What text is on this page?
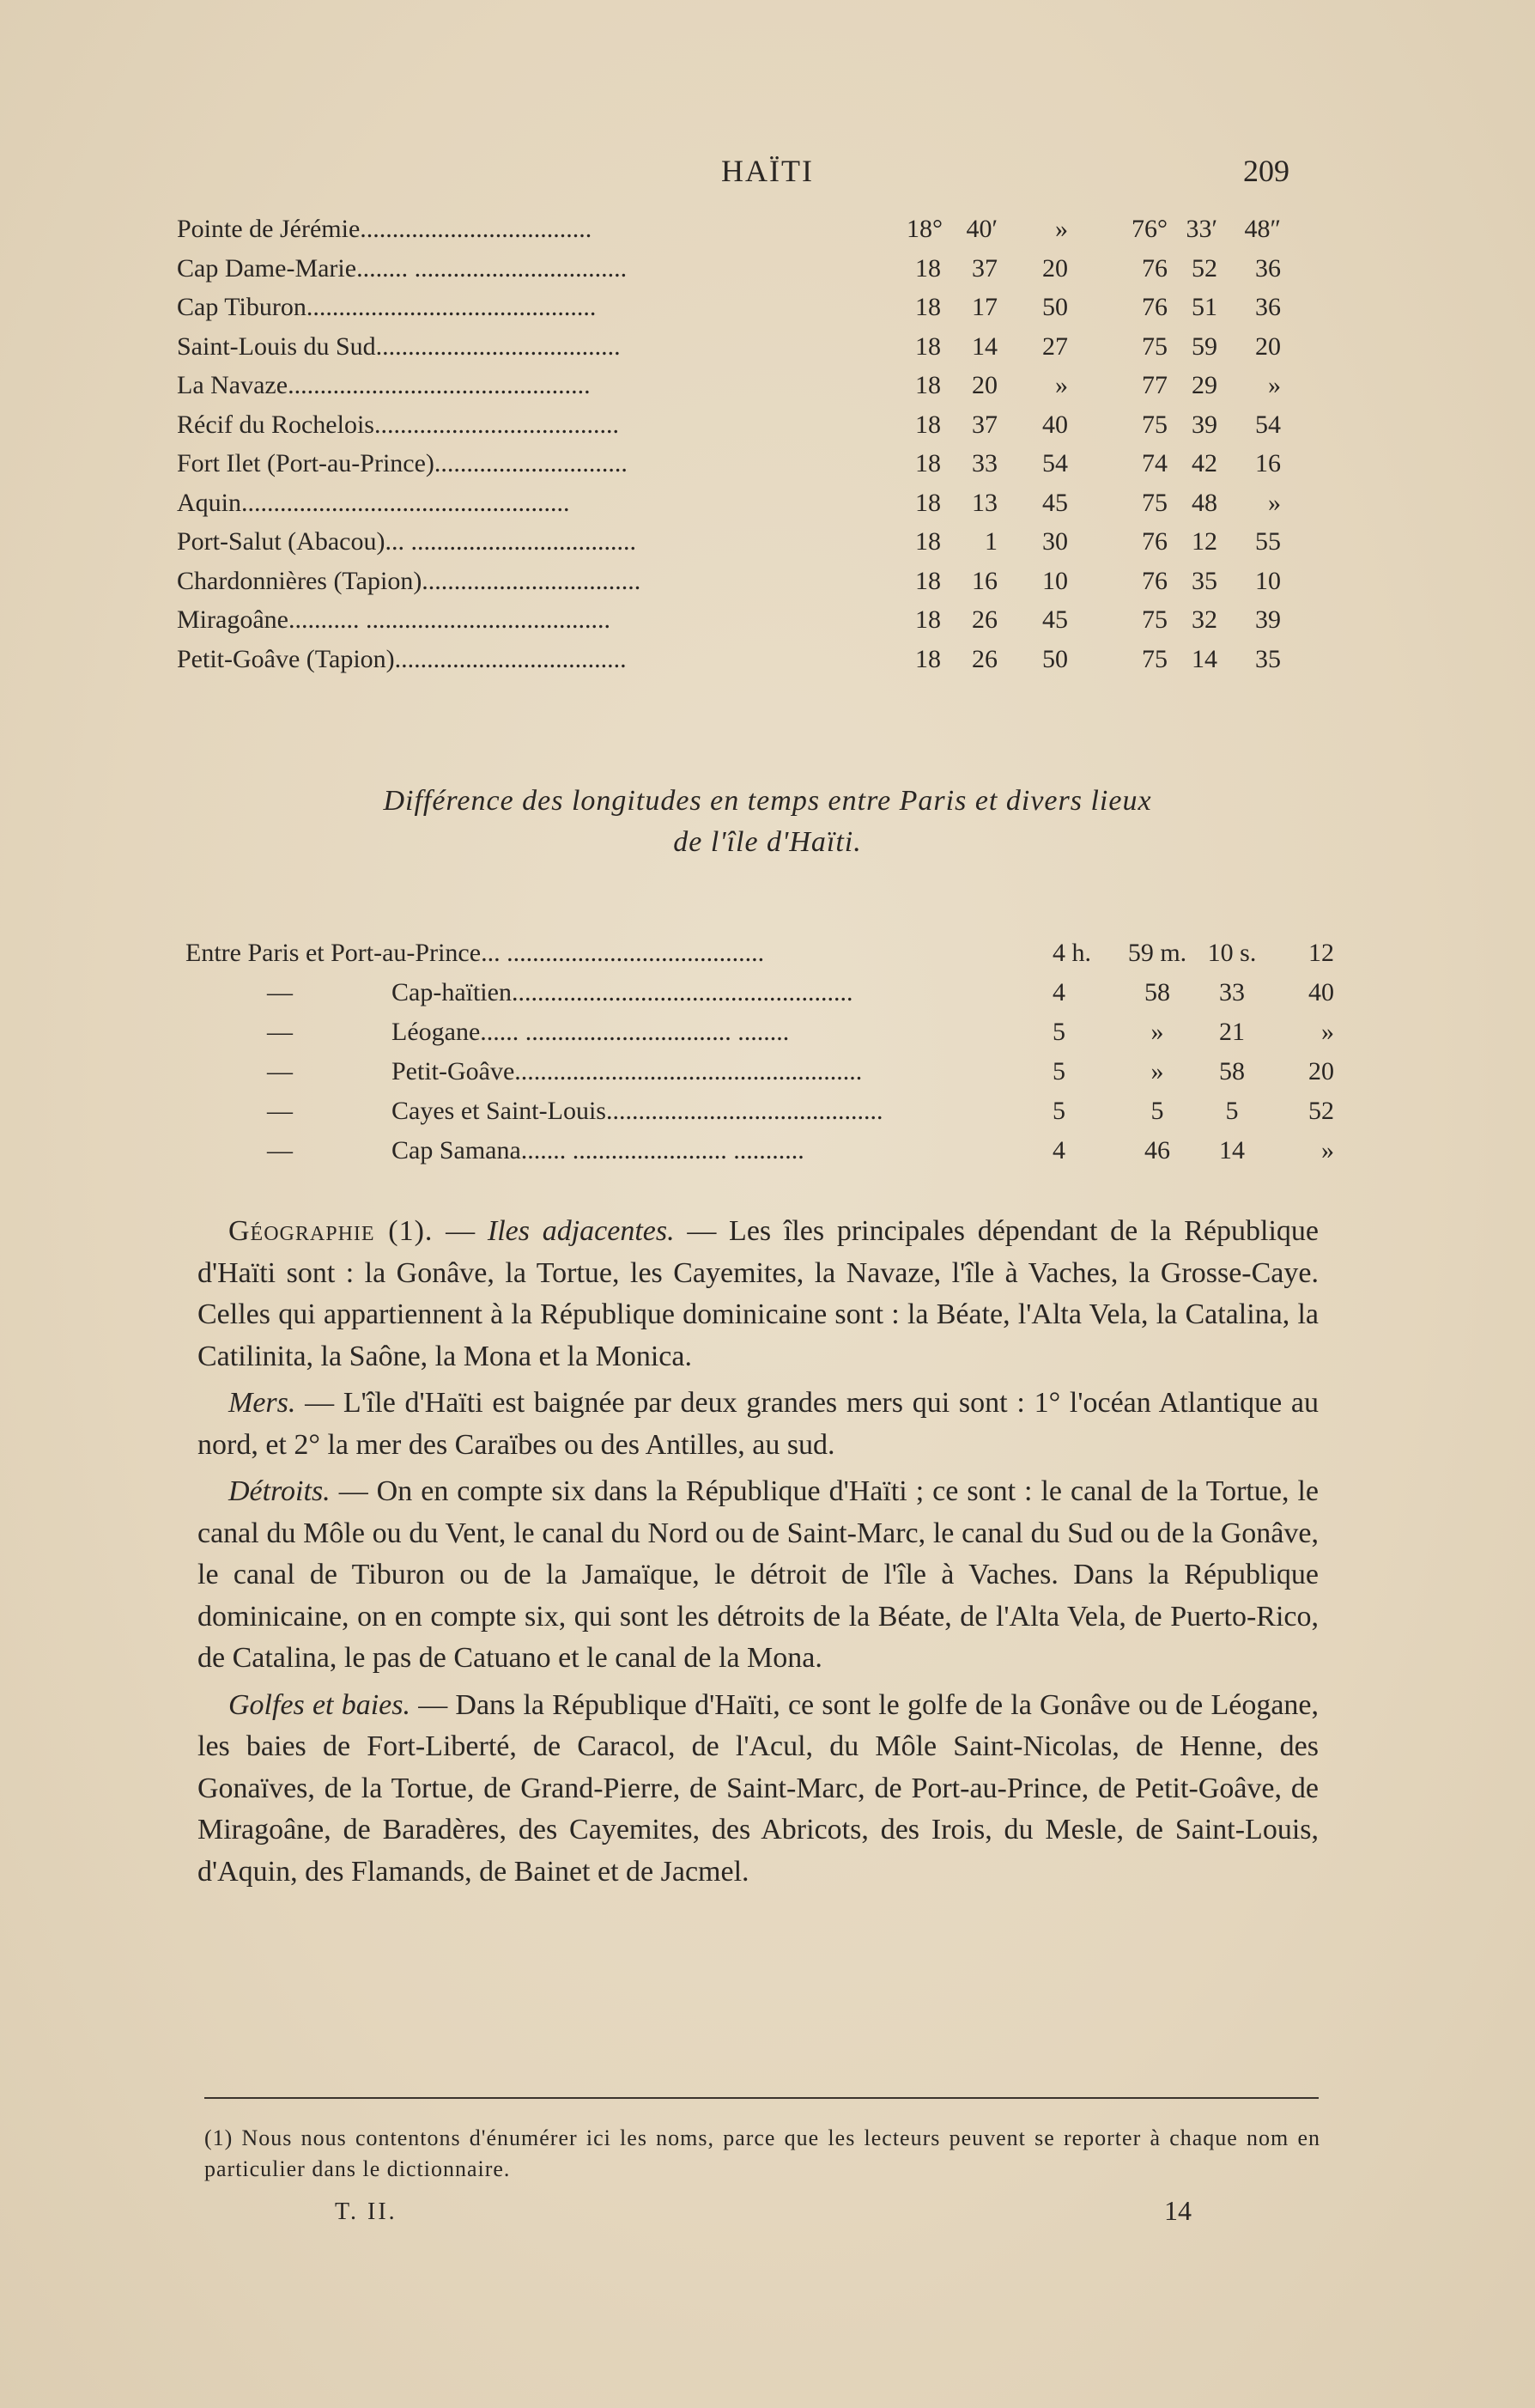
HAÏTI	209
Pointe de Jérémie....................................	18° 40′	»	76° 33′ 48″
Cap Dame-Marie........ .................................	18	37	20	76 52	36
Cap Tiburon.............................................	18	17	50	76 51	36
Saint-Louis du Sud......................................	18	14	27	75 59	20
La Navaze...............................................	18	20	»	77 29	»
Récif du Rochelois......................................	18	37	40	75 39	54
Fort Ilet (Port-au-Prince)..............................	18	33	54	74 42	16
Aquin...................................................	18	13	45	75 48	»
Port-Salut (Abacou)... ...................................	18	1	30	76 12	55
Chardonnières (Tapion)..................................	18	16	10	76 35	10
Miragoâne........... ......................................	18	26	45	75 32	39
Petit-Goâve (Tapion)....................................	18	26	50	75 14	35
Différence des longitudes en temps entre Paris et divers lieux
de l'île d'Haïti.
Entre Paris et Port-au-Prince... ........................................	4 h.	59 m. 10 s.	12
—	Cap-haïtien.....................................................	4	58	33	40
—	Léogane...... ................................ ........	5	»	21	»
—	Petit-Goâve......................................................	5	»	58	20
—	Cayes et Saint-Louis...........................................	5	5	5	52
—	Cap Samana....... ........................ ...........	4	46	14	»

Géographie (1). — Iles adjacentes. — Les îles principales dépendant de la République d'Haïti sont : la Gonâve, la Tortue, les Cayemites, la Navaze, l'île à Vaches, la Grosse-Caye. Celles qui appartiennent à la République dominicaine sont : la Béate, l'Alta Vela, la Catalina, la Catilinita, la Saône, la Mona et la Monica.

Mers. — L'île d'Haïti est baignée par deux grandes mers qui sont : 1° l'océan Atlantique au nord, et 2° la mer des Caraïbes ou des Antilles, au sud.

Détroits. — On en compte six dans la République d'Haïti ; ce sont : le canal de la Tortue, le canal du Môle ou du Vent, le canal du Nord ou de Saint-Marc, le canal du Sud ou de la Gonâve, le canal de Tiburon ou de la Jamaïque, le détroit de l'île à Vaches. Dans la République dominicaine, on en compte six, qui sont les détroits de la Béate, de l'Alta Vela, de Puerto-Rico, de Catalina, le pas de Catuano et le canal de la Mona.

Golfes et baies. — Dans la République d'Haïti, ce sont le golfe de la Gonâve ou de Léogane, les baies de Fort-Liberté, de Caracol, de l'Acul, du Môle Saint-Nicolas, de Henne, des Gonaïves, de la Tortue, de Grand-Pierre, de Saint-Marc, de Port-au-Prince, de Petit-Goâve, de Miragoâne, de Baradères, des Cayemites, des Abricots, des Irois, du Mesle, de Saint-Louis, d'Aquin, des Flamands, de Bainet et de Jacmel.

(1) Nous nous contentons d'énumérer ici les noms, parce que les lecteurs peuvent se reporter à chaque nom en particulier dans le dictionnaire.
T. II.	14
